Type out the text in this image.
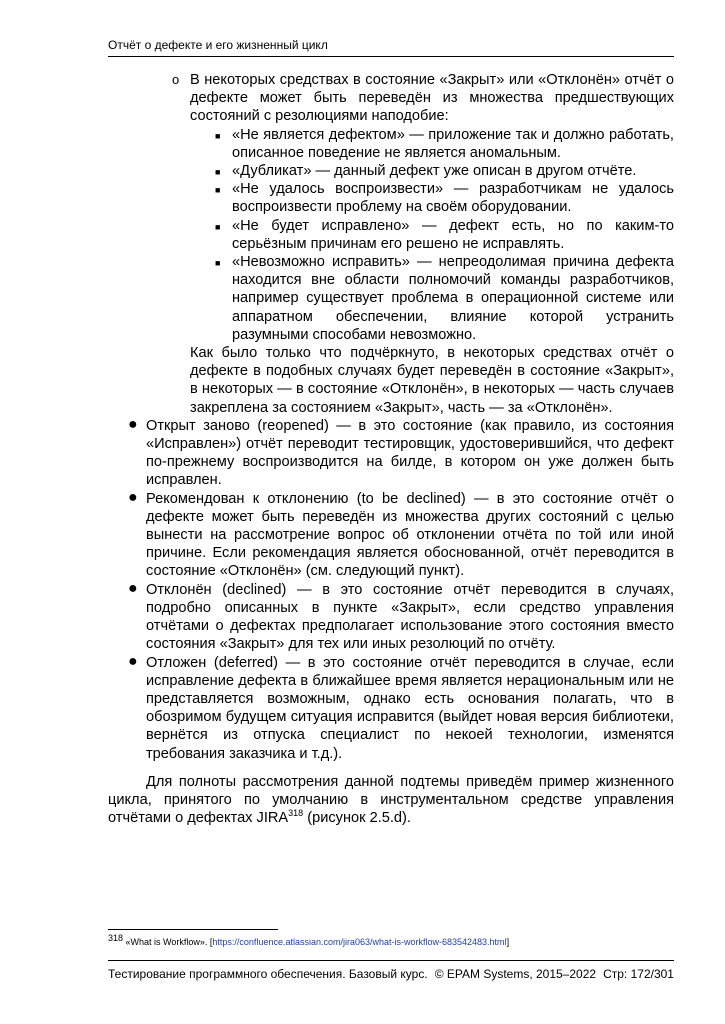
Отчёт о дефекте и его жизненный цикл
o В некоторых средствах в состояние «Закрыт» или «Отклонён» отчёт о дефекте может быть переведён из множества предшествующих состояний с резолюциями наподобие:

■ «Не является дефектом» — приложение так и должно работать, описанное поведение не является аномальным.

■ «Дубликат» — данный дефект уже описан в другом отчёте.

■ «Не удалось воспроизвести» — разработчикам не удалось воспроизвести проблему на своём оборудовании.

■ «Не будет исправлено» — дефект есть, но по каким-то серьёзным причинам его решено не исправлять.

■ «Невозможно исправить» — непреодолимая причина дефекта находится вне области полномочий команды разработчиков, например существует проблема в операционной системе или аппаратном обеспечении, влияние которой устранить разумными способами невозможно.

Как было только что подчёркнуто, в некоторых средствах отчёт о дефекте в подобных случаях будет переведён в состояние «Закрыт», в некоторых — в состояние «Отклонён», в некоторых — часть случаев закреплена за состоянием «Закрыт», часть — за «Отклонён».

● Открыт заново (reopened) — в это состояние (как правило, из состояния «Исправлен») отчёт переводит тестировщик, удостоверившийся, что дефект по-прежнему воспроизводится на билде, в котором он уже должен быть исправлен.

● Рекомендован к отклонению (to be declined) — в это состояние отчёт о дефекте может быть переведён из множества других состояний с целью вынести на рассмотрение вопрос об отклонении отчёта по той или иной причине. Если рекомендация является обоснованной, отчёт переводится в состояние «Отклонён» (см. следующий пункт).

● Отклонён (declined) — в это состояние отчёт переводится в случаях, подробно описанных в пункте «Закрыт», если средство управления отчётами о дефектах предполагает использование этого состояния вместо состояния «Закрыт» для тех или иных резолюций по отчёту.

● Отложен (deferred) — в это состояние отчёт переводится в случае, если исправление дефекта в ближайшее время является нерациональным или не представляется возможным, однако есть основания полагать, что в обозримом будущем ситуация исправится (выйдет новая версия библиотеки, вернётся из отпуска специалист по некоей технологии, изменятся требования заказчика и т.д.).

Для полноты рассмотрения данной подтемы приведём пример жизненного цикла, принятого по умолчанию в инструментальном средстве управления отчётами о дефектах JIRA$^{318}$ (рисунок 2.5.d).

318 «What is Workflow». [https://confluence.atlassian.com/jira063/what-is-workflow-683542483.html]
Тестирование программного обеспечения. Базовый курс. © EPAM Systems, 2015–2022 Стр: 172/301
